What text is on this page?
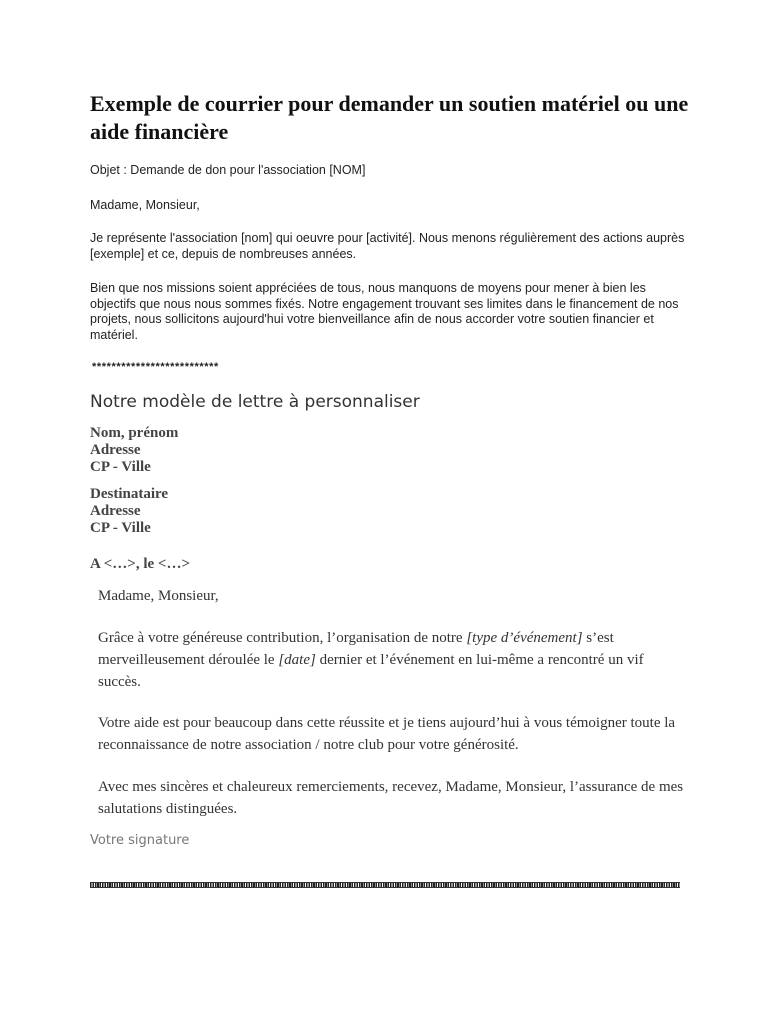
Exemple de courrier pour demander un soutien matériel ou une aide financière
Objet : Demande de don pour l'association [NOM]
Madame, Monsieur,
Je représente l'association [nom] qui oeuvre pour [activité]. Nous menons régulièrement des actions auprès [exemple] et ce, depuis de nombreuses années.
Bien que nos missions soient appréciées de tous, nous manquons de moyens pour mener à bien les objectifs que nous nous sommes fixés. Notre engagement trouvant ses limites dans le financement de nos projets, nous sollicitons aujourd'hui votre bienveillance afin de nous accorder votre soutien financier et matériel.
**************************
Notre modèle de lettre à personnaliser
Nom, prénom
Adresse
CP - Ville
Destinataire
Adresse
CP - Ville
A <…>, le <…>
Madame, Monsieur,
Grâce à votre généreuse contribution, l’organisation de notre [type d’événement] s’est merveilleusement déroulée le [date] dernier et l’événement en lui-même a rencontré un vif succès.
Votre aide est pour beaucoup dans cette réussite et je tiens aujourd’hui à vous témoigner toute la reconnaissance de notre association / notre club pour votre générosité.
Avec mes sincères et chaleureux remerciements, recevez, Madame, Monsieur, l’assurance de mes salutations distinguées.
Votre signature
